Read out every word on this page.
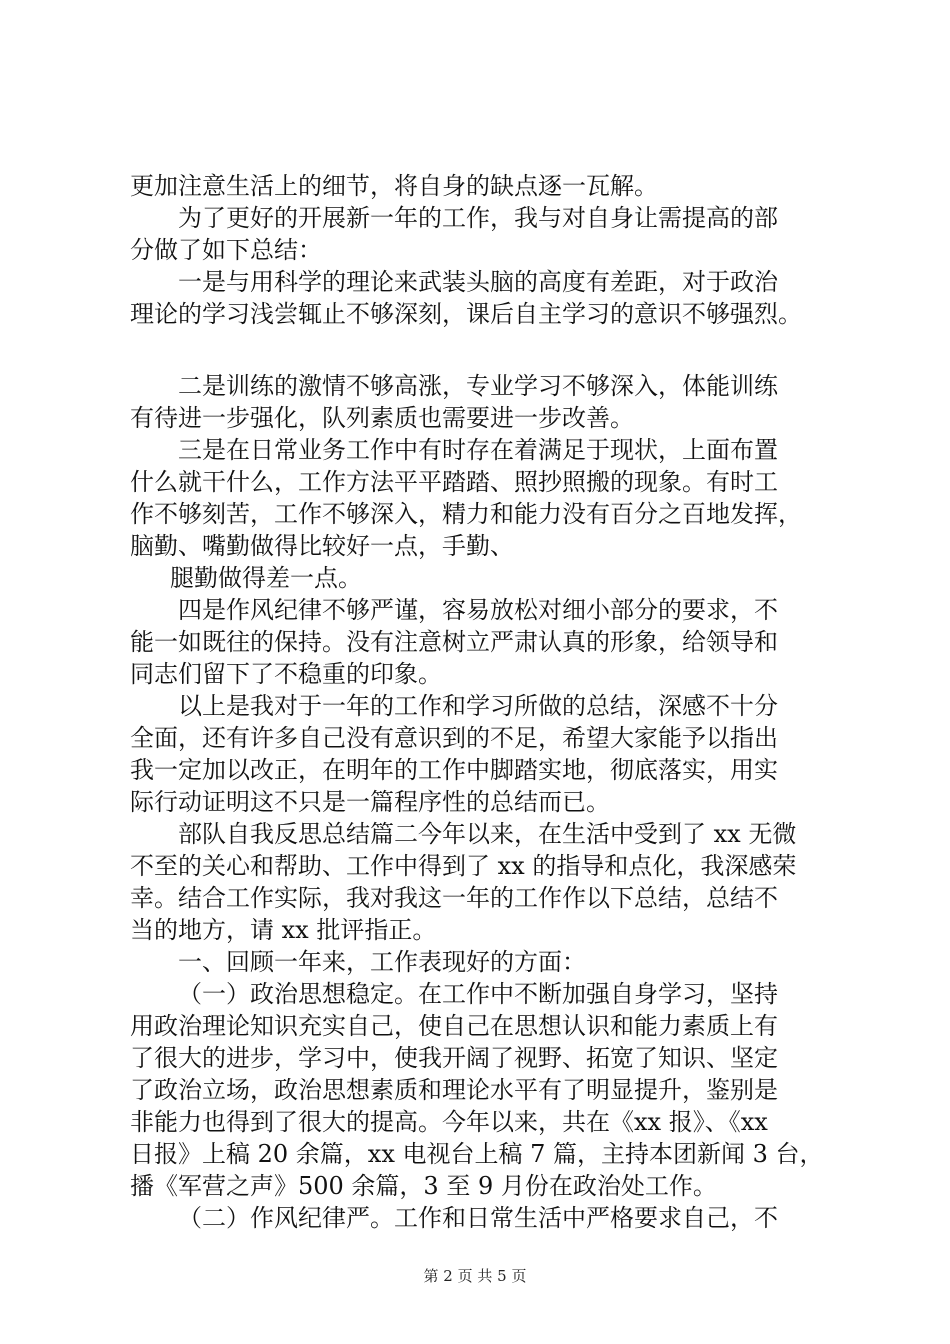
更加注意生活上的细节，将自身的缺点逐一瓦解。
为了更好的开展新一年的工作，我与对自身让需提高的部
分做了如下总结：
一是与用科学的理论来武装头脑的高度有差距，对于政治
理论的学习浅尝辄止不够深刻，课后自主学习的意识不够强烈。
二是训练的激情不够高涨，专业学习不够深入，体能训练
有待进一步强化，队列素质也需要进一步改善。
三是在日常业务工作中有时存在着满足于现状，上面布置
什么就干什么，工作方法平平踏踏、照抄照搬的现象。有时工
作不够刻苦，工作不够深入，精力和能力没有百分之百地发挥，
脑勤、嘴勤做得比较好一点，手勤、
腿勤做得差一点。
四是作风纪律不够严谨，容易放松对细小部分的要求，不
能一如既往的保持。没有注意树立严肃认真的形象，给领导和
同志们留下了不稳重的印象。
以上是我对于一年的工作和学习所做的总结，深感不十分
全面，还有许多自己没有意识到的不足，希望大家能予以指出
我一定加以改正，在明年的工作中脚踏实地，彻底落实，用实
际行动证明这不只是一篇程序性的总结而已。
部队自我反思总结篇二今年以来，在生活中受到了 xx 无微
不至的关心和帮助、工作中得到了 xx 的指导和点化，我深感荣
幸。结合工作实际，我对我这一年的工作作以下总结，总结不
当的地方，请 xx 批评指正。
一、回顾一年来，工作表现好的方面：
（一）政治思想稳定。在工作中不断加强自身学习，坚持
用政治理论知识充实自己，使自己在思想认识和能力素质上有
了很大的进步，学习中，使我开阔了视野、拓宽了知识、坚定
了政治立场，政治思想素质和理论水平有了明显提升，鉴别是
非能力也得到了很大的提高。今年以来，共在《xx 报》、《xx
日报》上稿 20 余篇，xx 电视台上稿 7 篇，主持本团新闻 3 台，
播《军营之声》500 余篇，3 至 9 月份在政治处工作。
（二）作风纪律严。工作和日常生活中严格要求自己，不
第 2 页 共 5 页
